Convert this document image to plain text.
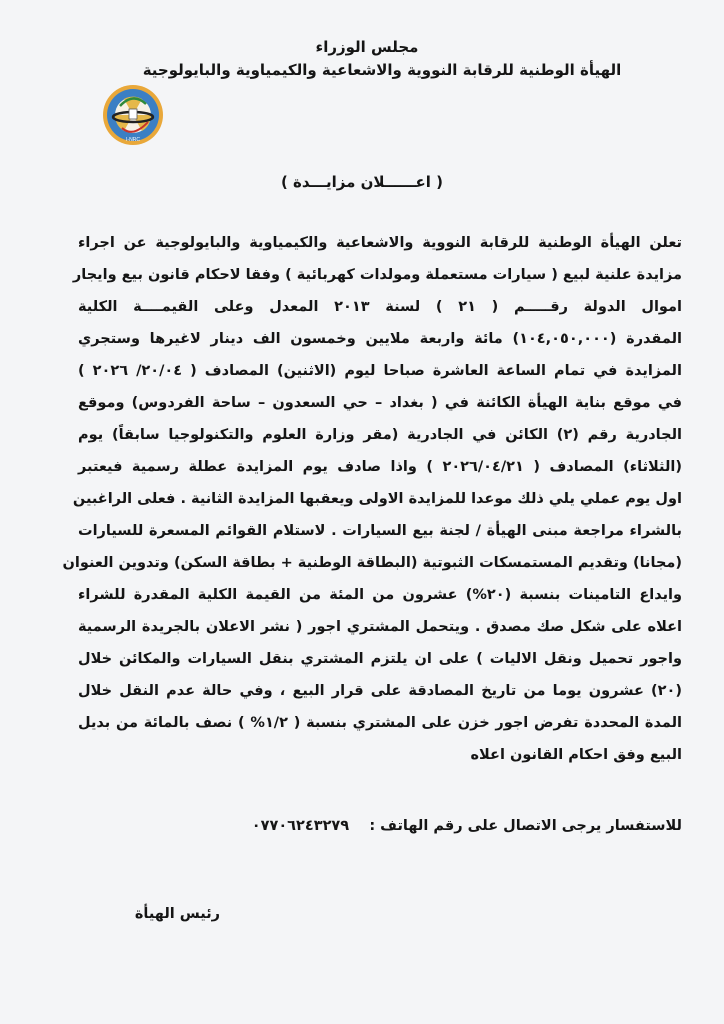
مجلس الوزراء
الهيأة الوطنية للرقابة النووية والاشعاعية والكيمياوية والبايولوجية
I-NRC
( اعــــــلان مزايـــدة )
تعلن الهيأة الوطنية للرقابة النووية والاشعاعية والكيمياوية والبايولوجية عن اجراء
مزايدة علنية لبيع ( سيارات مستعملة ومولدات كهربائية ) وفقا لاحكام قانون بيع وايجار
اموال الدولة رقـــــم ( ٢١ ) لسنة ٢٠١٣ المعدل وعلى القيمــــة الكلية
المقدرة (١٠٤,٠٥٠,٠٠٠) مائة واربعة ملايين وخمسون الف دينار لاغيرها وستجري
المزايدة في تمام الساعة العاشرة صباحا ليوم (الاثنين) المصادف ( ٢٠/٠٤/ ٢٠٢٦ )
في موقع بناية الهيأة الكائنة في ( بغداد – حي السعدون – ساحة الفردوس) وموقع
الجادرية رقم (٢) الكائن في الجادرية (مقر وزارة العلوم والتكنولوجيا سابقاً) يوم
(الثلاثاء) المصادف ( ٢٠٢٦/٠٤/٢١ ) واذا صادف يوم المزايدة عطلة رسمية فيعتبر
اول يوم عملي يلي ذلك موعدا للمزايدة الاولى ويعقبها المزايدة الثانية . فعلى الراغبين
بالشراء مراجعة مبنى الهيأة / لجنة بيع السيارات . لاستلام القوائم المسعرة للسيارات
(مجانا) وتقديم المستمسكات الثبوتية (البطاقة الوطنية + بطاقة السكن) وتدوين العنوان
وايداع التامينات بنسبة (٢٠%) عشرون من المئة من القيمة الكلية المقدرة للشراء
اعلاه على شكل صك مصدق . ويتحمل المشتري اجور ( نشر الاعلان بالجريدة الرسمية
واجور تحميل ونقل الاليات ) على ان يلتزم المشتري بنقل السيارات والمكائن خلال
(٢٠) عشرون يوما من تاريخ المصادقة على قرار البيع ، وفي حالة عدم النقل خلال
المدة المحددة تفرض اجور خزن على المشتري بنسبة ( ١/٢% ) نصف بالمائة من بديل
البيع وفق احكام القانون اعلاه
للاستفسار يرجى الاتصال على رقم الهاتف :    ٠٧٧٠٦٢٤٣٢٧٩
رئيس الهيأة
